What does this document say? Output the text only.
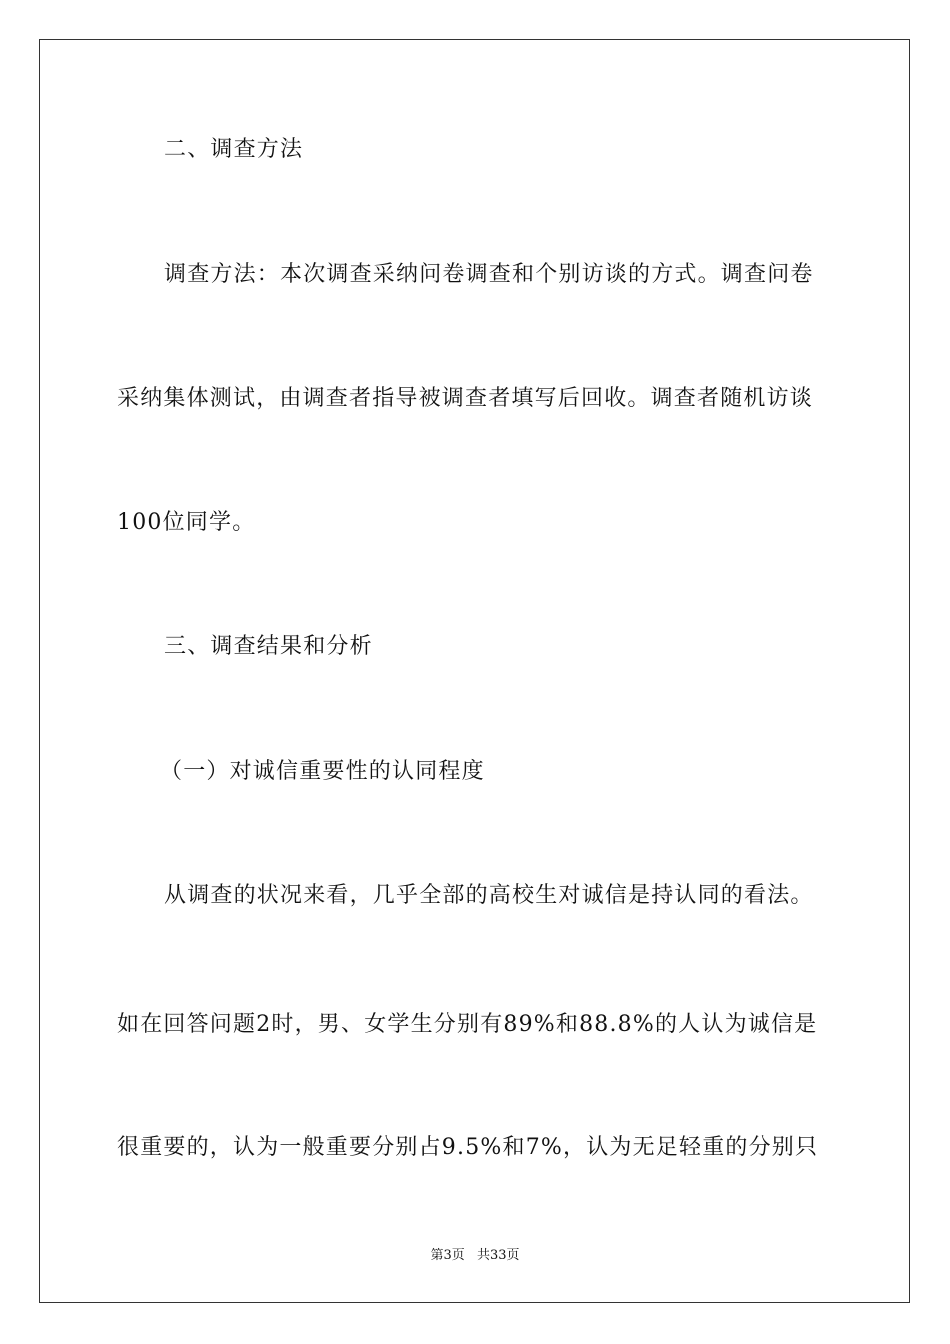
二、调查方法
调查方法：本次调查采纳问卷调查和个别访谈的方式。调查问卷
采纳集体测试，由调查者指导被调查者填写后回收。调查者随机访谈
100位同学。
三、调查结果和分析
（一）对诚信重要性的认同程度
从调查的状况来看，几乎全部的高校生对诚信是持认同的看法。
如在回答问题2时，男、女学生分别有89%和88.8%的人认为诚信是
很重要的，认为一般重要分别占9.5%和7%，认为无足轻重的分别只
第3页 共33页
